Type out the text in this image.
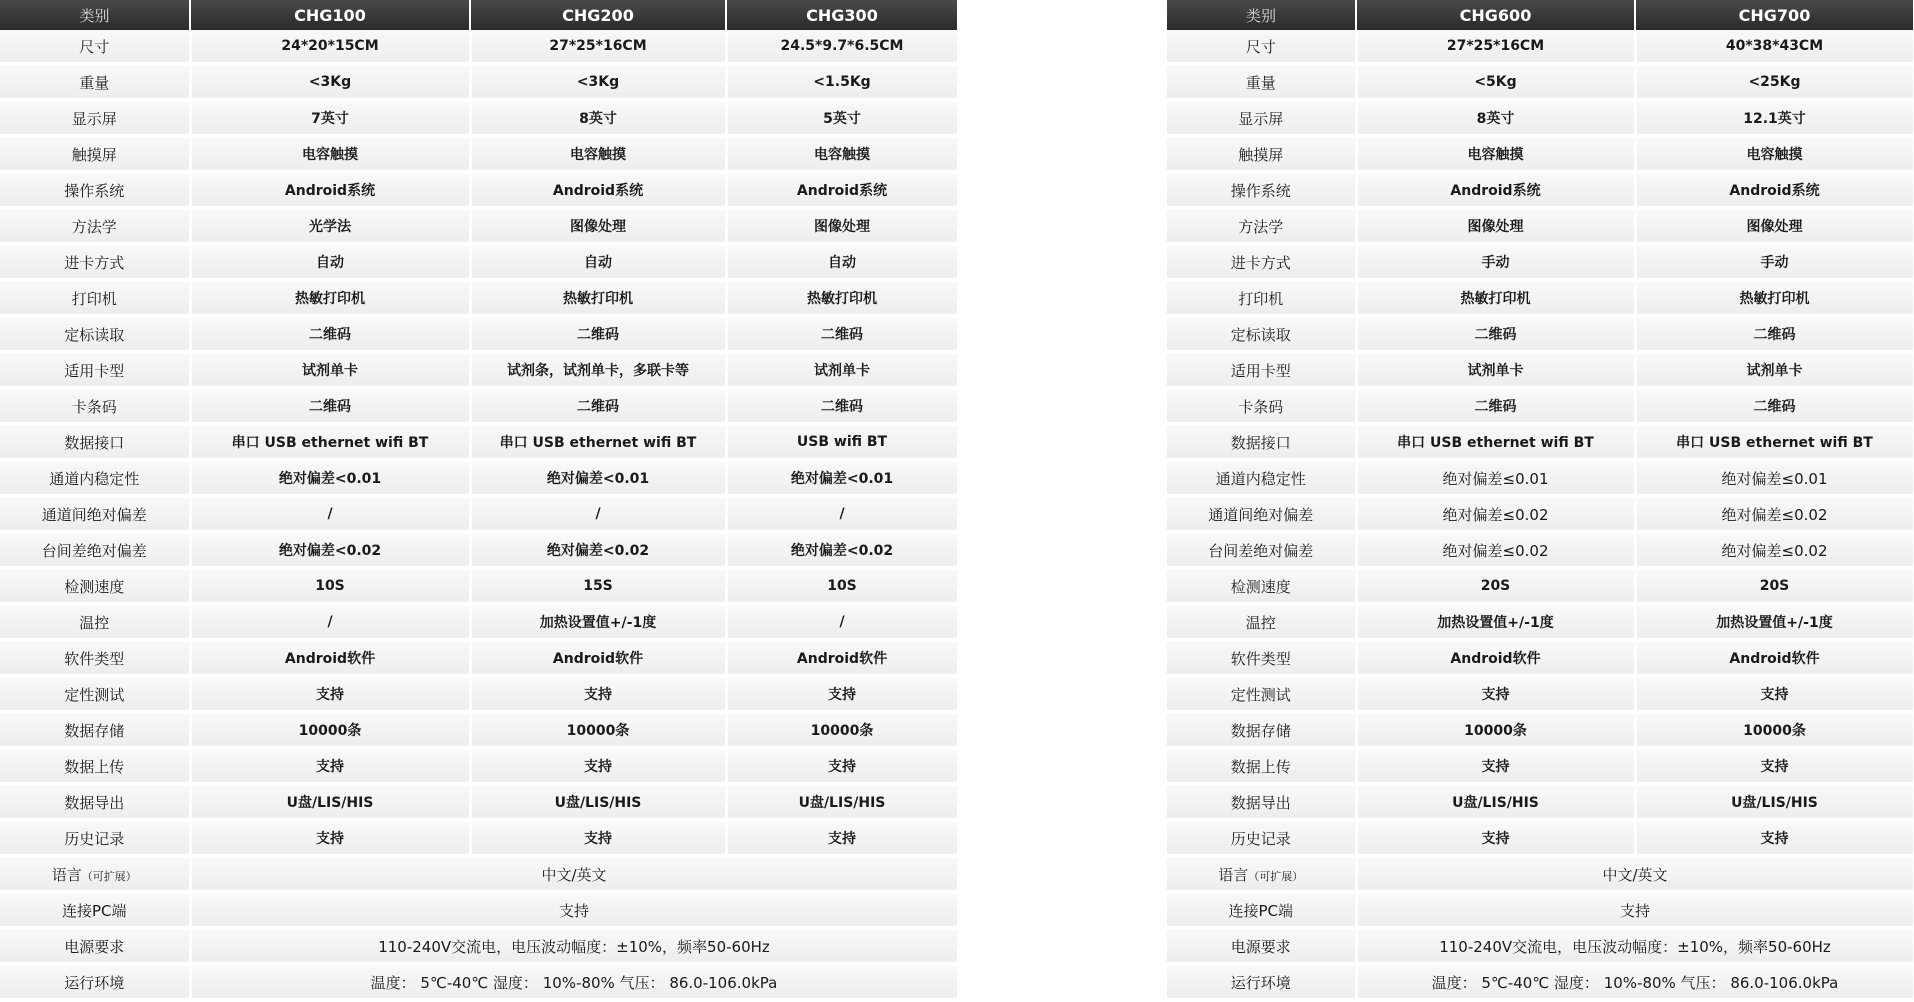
类别	CHG100	CHG200	CHG300
尺寸	24*20*15CM	27*25*16CM	24.5*9.7*6.5CM
重量	<3Kg	<3Kg	<1.5Kg
显示屏	7英寸	8英寸	5英寸
触摸屏	电容触摸	电容触摸	电容触摸
操作系统	Android系统	Android系统	Android系统
方法学	光学法	图像处理	图像处理
进卡方式	自动	自动	自动
打印机	热敏打印机	热敏打印机	热敏打印机
定标读取	二维码	二维码	二维码
适用卡型	试剂单卡	试剂条，试剂单卡，多联卡等	试剂单卡
卡条码	二维码	二维码	二维码
数据接口	串口 USB ethernet wifi BT	串口 USB ethernet wifi BT	USB wifi BT
通道内稳定性	绝对偏差<0.01	绝对偏差<0.01	绝对偏差<0.01
通道间绝对偏差	/	/	/
台间差绝对偏差	绝对偏差<0.02	绝对偏差<0.02	绝对偏差<0.02
检测速度	10S	15S	10S
温控	/	加热设置值+/-1度	/
软件类型	Android软件	Android软件	Android软件
定性测试	支持	支持	支持
数据存储	10000条	10000条	10000条
数据上传	支持	支持	支持
数据导出	U盘/LIS/HIS	U盘/LIS/HIS	U盘/LIS/HIS
历史记录	支持	支持	支持
语言（可扩展）	中文/英文		
连接PC端	支持		
电源要求	110-240V交流电，电压波动幅度：±10%，频率50-60Hz		
运行环境	温度： 5℃-40℃ 湿度： 10%-80% 气压： 86.0-106.0kPa		
类别	CHG600	CHG700
尺寸	27*25*16CM	40*38*43CM
重量	<5Kg	<25Kg
显示屏	8英寸	12.1英寸
触摸屏	电容触摸	电容触摸
操作系统	Android系统	Android系统
方法学	图像处理	图像处理
进卡方式	手动	手动
打印机	热敏打印机	热敏打印机
定标读取	二维码	二维码
适用卡型	试剂单卡	试剂单卡
卡条码	二维码	二维码
数据接口	串口 USB ethernet wifi BT	串口 USB ethernet wifi BT
通道内稳定性	绝对偏差≤0.01	绝对偏差≤0.01
通道间绝对偏差	绝对偏差≤0.02	绝对偏差≤0.02
台间差绝对偏差	绝对偏差≤0.02	绝对偏差≤0.02
检测速度	20S	20S
温控	加热设置值+/-1度	加热设置值+/-1度
软件类型	Android软件	Android软件
定性测试	支持	支持
数据存储	10000条	10000条
数据上传	支持	支持
数据导出	U盘/LIS/HIS	U盘/LIS/HIS
历史记录	支持	支持
语言（可扩展）	中文/英文	
连接PC端	支持	
电源要求	110-240V交流电，电压波动幅度：±10%，频率50-60Hz	
运行环境	温度： 5℃-40℃ 湿度： 10%-80% 气压： 86.0-106.0kPa	
